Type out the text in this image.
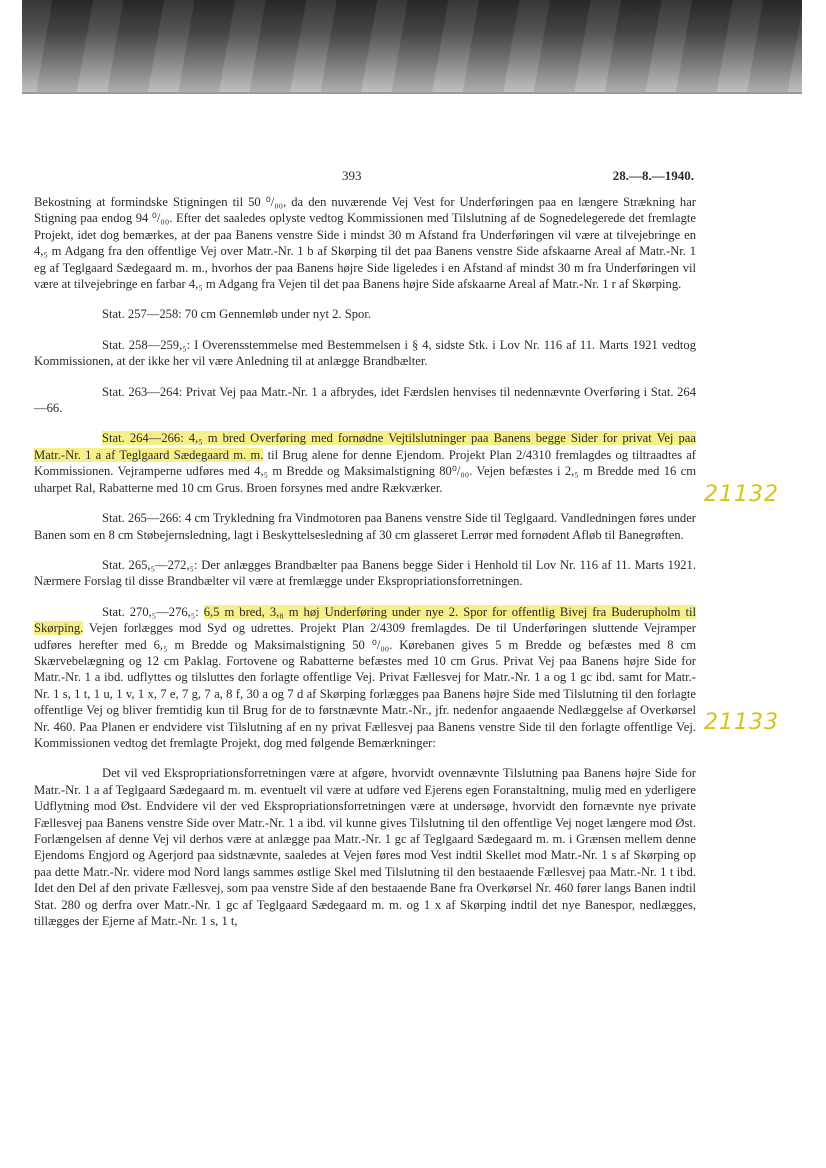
393	28.—8.—1940.

Bekostning at formindske Stigningen til 50 ⁰/₀₀, da den nuværende Vej Vest for Underføringen paa en længere Strækning har Stigning paa endog 94 ⁰/₀₀. Efter det saaledes oplyste vedtog Kommissionen med Tilslutning af de Sognedelegerede det fremlagte Projekt, idet dog bemærkes, at der paa Banens venstre Side i mindst 30 m Afstand fra Underføringen vil være at tilvejebringe en 4,₅ m Adgang fra den offentlige Vej over Matr.-Nr. 1 b af Skørping til det paa Banens venstre Side afskaarne Areal af Matr.-Nr. 1 eg af Teglgaard Sædegaard m. m., hvorhos der paa Banens højre Side ligeledes i en Afstand af mindst 30 m fra Underføringen vil være at tilvejebringe en farbar 4,₅ m Adgang fra Vejen til det paa Banens højre Side afskaarne Areal af Matr.-Nr. 1 r af Skørping.

Stat. 257—258: 70 cm Gennemløb under nyt 2. Spor.

Stat. 258—259,₅: I Overensstemmelse med Bestemmelsen i § 4, sidste Stk. i Lov Nr. 116 af 11. Marts 1921 vedtog Kommissionen, at der ikke her vil være Anledning til at anlægge Brandbælter.

Stat. 263—264: Privat Vej paa Matr.-Nr. 1 a afbrydes, idet Færdslen henvises til nedennævnte Overføring i Stat. 264—66.

Stat. 264—266: 4,₅ m bred Overføring med fornødne Vejtilslutninger paa Banens begge Sider for privat Vej paa Matr.-Nr. 1 a af Teglgaard Sædegaard m. m. til Brug alene for denne Ejendom. Projekt Plan 2/4310 fremlagdes og tiltraadtes af Kommissionen. Vejramperne udføres med 4,₅ m Bredde og Maksimalstigning 80⁰/₀₀. Vejen befæstes i 2,₅ m Bredde med 16 cm uharpet Ral, Rabatterne med 10 cm Grus. Broen forsynes med andre Rækværker.

Stat. 265—266: 4 cm Trykledning fra Vindmotoren paa Banens venstre Side til Teglgaard. Vandledningen føres under Banen som en 8 cm Støbejernsledning, lagt i Beskyttelsesledning af 30 cm glasseret Lerrør med fornødent Afløb til Banegrøften.

Stat. 265,₅—272,₅: Der anlægges Brandbælter paa Banens begge Sider i Henhold til Lov Nr. 116 af 11. Marts 1921. Nærmere Forslag til disse Brandbælter vil være at fremlægge under Ekspropriationsforretningen.

Stat. 270,₅—276,₅: 6,5 m bred, 3,₈ m høj Underføring under nye 2. Spor for offentlig Bivej fra Buderupholm til Skørping. Vejen forlægges mod Syd og udrettes. Projekt Plan 2/4309 fremlagdes. De til Underføringen sluttende Vejramper udføres herefter med 6,₅ m Bredde og Maksimalstigning 50 ⁰/₀₀. Kørebanen gives 5 m Bredde og befæstes med 8 cm Skærvebelægning og 12 cm Paklag. Fortovene og Rabatterne befæstes med 10 cm Grus. Privat Vej paa Banens højre Side for Matr.-Nr. 1 a ibd. udflyttes og tilsluttes den forlagte offentlige Vej. Privat Fællesvej for Matr.-Nr. 1 a og 1 gc ibd. samt for Matr.-Nr. 1 s, 1 t, 1 u, 1 v, 1 x, 7 e, 7 g, 7 a, 8 f, 30 a og 7 d af Skørping forlægges paa Banens højre Side med Tilslutning til den forlagte offentlige Vej og bliver fremtidig kun til Brug for de to førstnævnte Matr.-Nr., jfr. nedenfor angaaende Nedlæggelse af Overkørsel Nr. 460. Paa Planen er endvidere vist Tilslutning af en ny privat Fællesvej paa Banens venstre Side til den forlagte offentlige Vej. Kommissionen vedtog det fremlagte Projekt, dog med følgende Bemærkninger:

Det vil ved Ekspropriationsforretningen være at afgøre, hvorvidt ovennævnte Tilslutning paa Banens højre Side for Matr.-Nr. 1 a af Teglgaard Sædegaard m. m. eventuelt vil være at udføre ved Ejerens egen Foranstaltning, mulig med en yderligere Udflytning mod Øst. Endvidere vil der ved Ekspropriationsforretningen være at undersøge, hvorvidt den fornævnte nye private Fællesvej paa Banens venstre Side over Matr.-Nr. 1 a ibd. vil kunne gives Tilslutning til den offentlige Vej noget længere mod Øst. Forlængelsen af denne Vej vil derhos være at anlægge paa Matr.-Nr. 1 gc af Teglgaard Sædegaard m. m. i Grænsen mellem denne Ejendoms Engjord og Agerjord paa sidstnævnte, saaledes at Vejen føres mod Vest indtil Skellet mod Matr.-Nr. 1 s af Skørping op paa dette Matr.-Nr. videre mod Nord langs sammes østlige Skel med Tilslutning til den bestaaende Fællesvej paa Matr.-Nr. 1 t ibd. Idet den Del af den private Fællesvej, som paa venstre Side af den bestaaende Bane fra Overkørsel Nr. 460 fører langs Banen indtil Stat. 280 og derfra over Matr.-Nr. 1 gc af Teglgaard Sædegaard m. m. og 1 x af Skørping indtil det nye Banespor, nedlægges, tillægges der Ejerne af Matr.-Nr. 1 s, 1 t,

21132
21133
